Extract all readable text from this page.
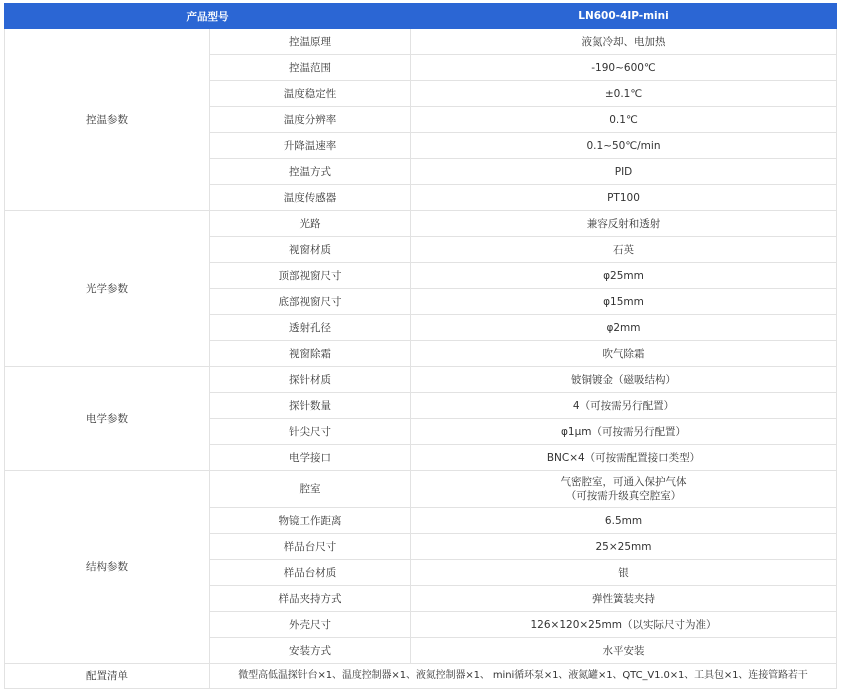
产品型号		LN600-4IP-mini
控温参数	控温原理	液氮冷却、电加热
	控温范围	-190~600℃
	温度稳定性	±0.1℃
	温度分辨率	0.1℃
	升降温速率	0.1~50℃/min
	控温方式	PID
	温度传感器	PT100
光学参数	光路	兼容反射和透射
	视窗材质	石英
	顶部视窗尺寸	φ25mm
	底部视窗尺寸	φ15mm
	透射孔径	φ2mm
	视窗除霜	吹气除霜
电学参数	探针材质	铍铜镀金（磁吸结构）
	探针数量	4（可按需另行配置）
	针尖尺寸	φ1μm（可按需另行配置）
	电学接口	BNC×4（可按需配置接口类型）
结构参数	腔室	气密腔室，可通入保护气体
（可按需升级真空腔室）
	物镜工作距离	6.5mm
	样品台尺寸	25×25mm
	样品台材质	银
	样品夹持方式	弹性簧装夹持
	外壳尺寸	126×120×25mm（以实际尺寸为准）
	安装方式	水平安装
配置清单	微型高低温探针台×1、温度控制器×1、液氮控制器×1、 mini循环泵×1、液氮罐×1、QTC_V1.0×1、工具包×1、连接管路若干	
